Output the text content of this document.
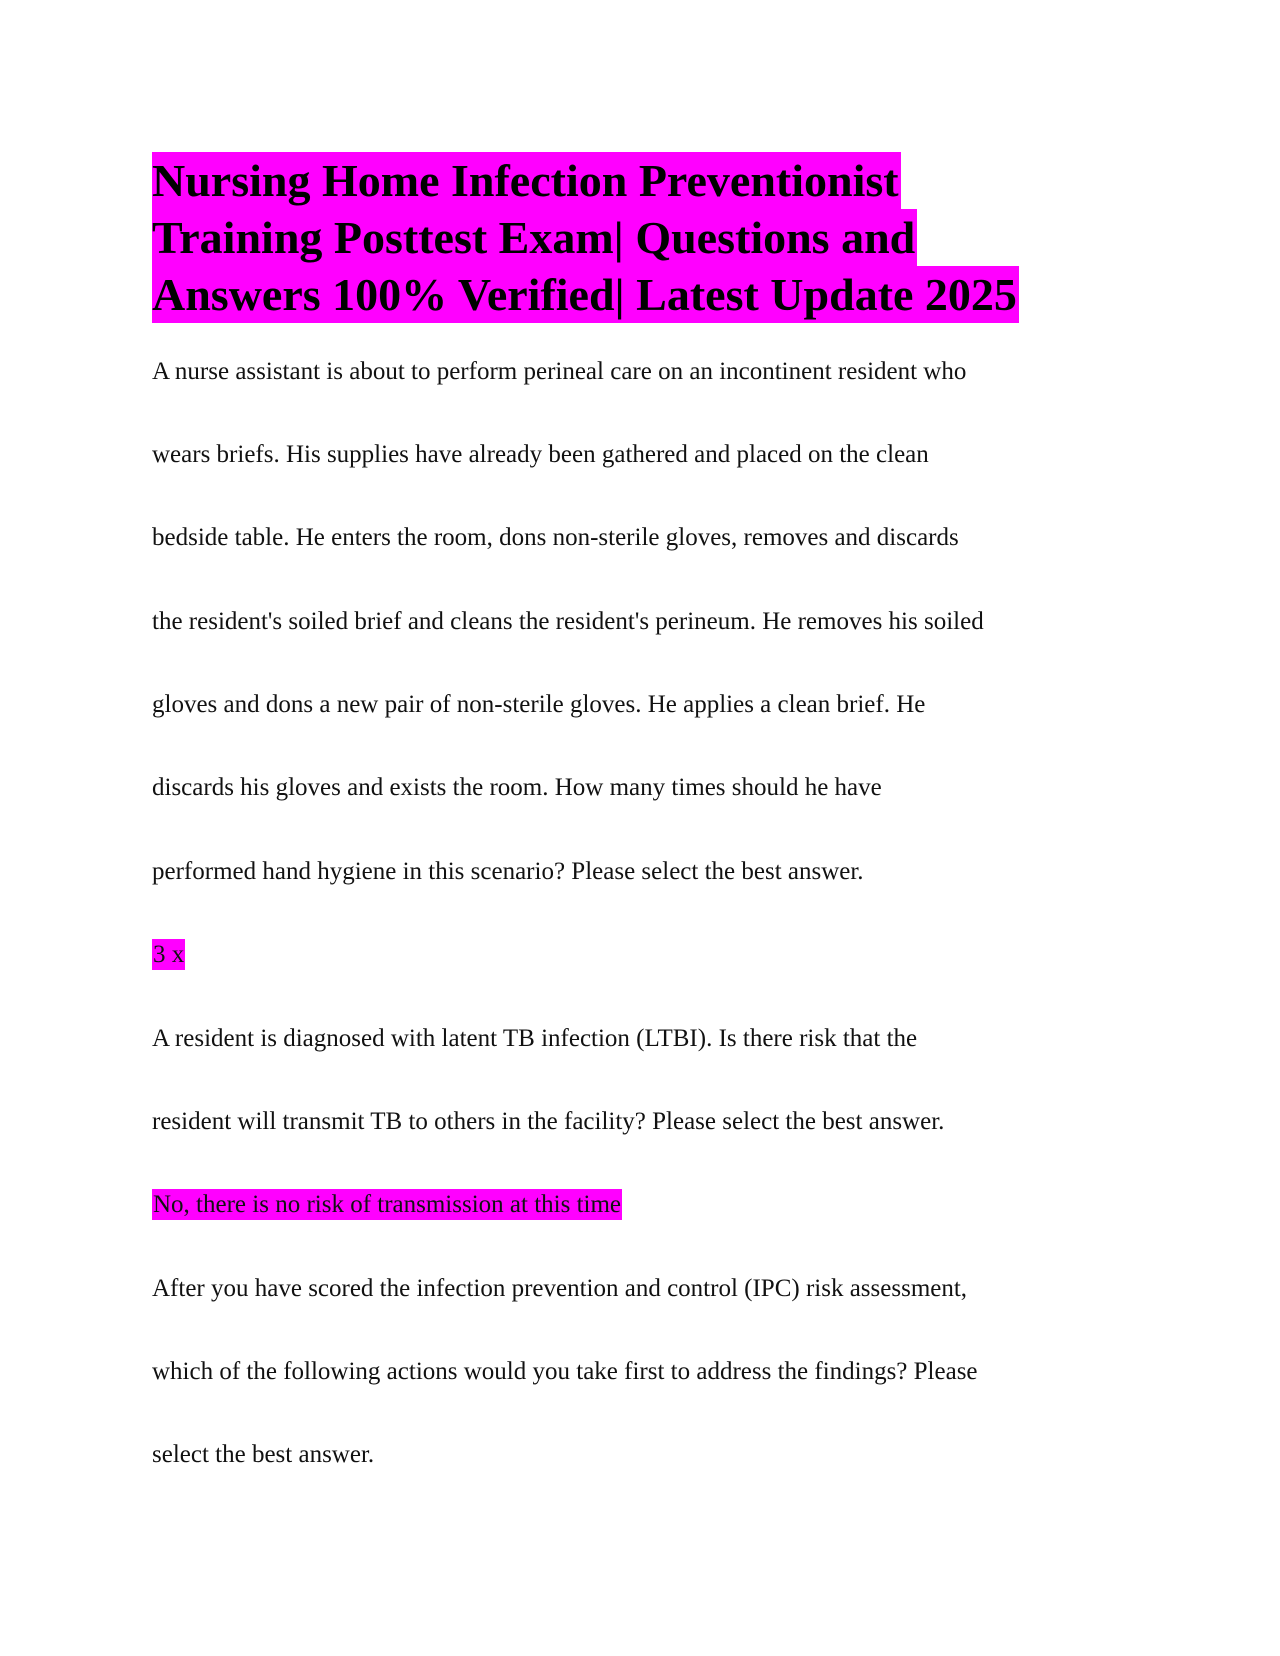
Nursing Home Infection Preventionist
Training Posttest Exam| Questions and
Answers 100% Verified| Latest Update 2025
A nurse assistant is about to perform perineal care on an incontinent resident who
wears briefs. His supplies have already been gathered and placed on the clean
bedside table. He enters the room, dons non-sterile gloves, removes and discards
the resident's soiled brief and cleans the resident's perineum. He removes his soiled
gloves and dons a new pair of non-sterile gloves. He applies a clean brief. He
discards his gloves and exists the room. How many times should he have
performed hand hygiene in this scenario? Please select the best answer.
3 x
A resident is diagnosed with latent TB infection (LTBI). Is there risk that the
resident will transmit TB to others in the facility? Please select the best answer.
No, there is no risk of transmission at this time
After you have scored the infection prevention and control (IPC) risk assessment,
which of the following actions would you take first to address the findings? Please
select the best answer.
